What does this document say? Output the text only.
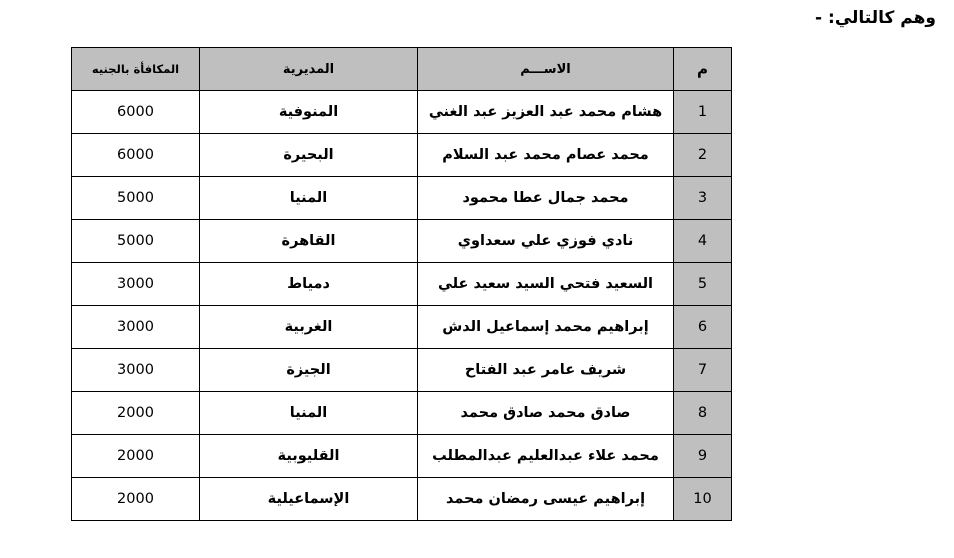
وهم كالتالي: -
م	الاســـم	المديرية	المكافأة بالجنيه
1	هشام محمد عبد العزيز عبد الغني	المنوفية	6000
2	محمد عصام محمد عبد السلام	البحيرة	6000
3	محمد جمال عطا محمود	المنيا	5000
4	نادي فوزي علي سعداوي	القاهرة	5000
5	السعيد فتحي السيد سعيد علي	دمياط	3000
6	إبراهيم محمد إسماعيل الدش	الغربية	3000
7	شريف عامر عبد الفتاح	الجيزة	3000
8	صادق محمد صادق محمد	المنيا	2000
9	محمد علاء عبدالعليم عبدالمطلب	القليوبية	2000
10	إبراهيم عيسى رمضان محمد	الإسماعيلية	2000
